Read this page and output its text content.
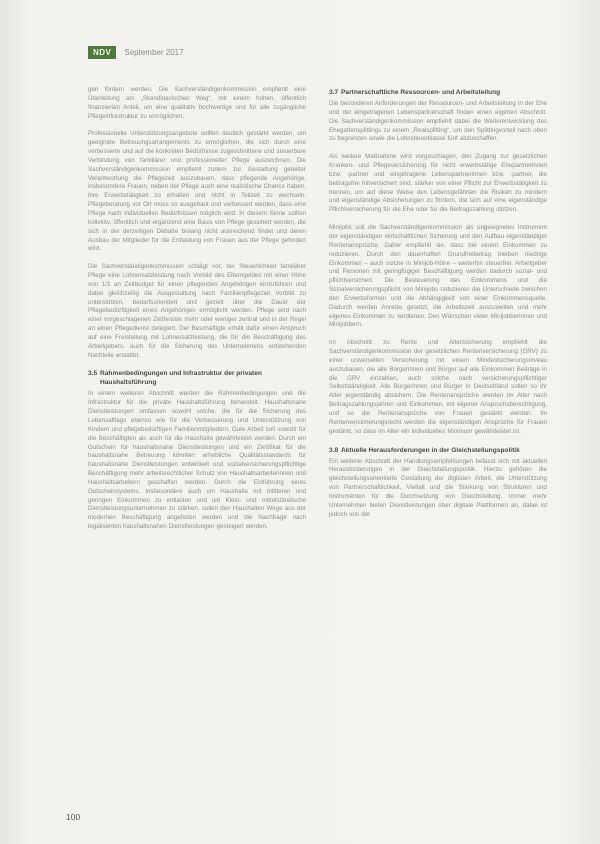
NDV	September 2017

gen fördern werden. Die Sachverständigenkommission empfiehlt eine Überleitung am „Skandinavischen Weg“, mit einem hohen, öffentlich finanzierten Anteil, um eine qualitativ hochwertige und für alle zugängliche Pflegeinfrastruktur zu ermöglichen.

Professionelle Unterstützungsangebote sollten deutlich gestärkt werden, um geeignete Betreuungsarrangements zu ermöglichen, die sich durch eine verbesserte und auf die konkreten Bedürfnisse zugeschnittene und steuerbare Verbindung von familiärer und professioneller Pflege auszeichnen. Die Sachverständigenkommission empfiehlt zudem zur Gestaltung geteilter Verantwortung die Pflegezeit auszubauen, dass pflegende Angehörige, insbesondere Frauen, neben der Pflege auch eine realistische Chance haben, ihre Erwerbstätigkeit zu erhalten und nicht in Teilzeit zu wechseln. Pflegeberatung vor Ort muss so ausgebaut und verbessert werden, dass eine Pflege nach individuellen Bedürfnissen möglich wird. In diesem Sinne sollten kollektiv, öffentlich und ergänzend eine Basis von Pflege gesichert werden, die sich in der derzeitigen Debatte bislang nicht ausreichend findet und deren Ausbau der Mitglieder für die Entlastung von Frauen aus der Pflege gefordert wird.

Die Sachverständigenkommission schlägt vor, bei Steuerlichkeit familiärer Pflege eine Lohnersatzleistung nach Vorbild des Elterngeldes mit einer Höhe von 1/3 an Zeitbudget für einen pflegenden Angehörigen einzuführen und dabei gleichzeitig die Ausgestaltung nach Familienpflegezeit Vorbild zu unterstützen, bedarfsorientiert und gezielt über die Dauer der Pflegebedürftigkeit eines Angehörigen ermöglicht werden. Pflege wird nach einer vorgeschlagenen Zeitfenster mehr oder weniger zentral und in der Regel an einen Pflegedienst delegiert. Der Beschäftigte erhält dafür einen Anspruch auf eine Freistellung mit Lohnersatzleistung, die für die Beschäftigung des Arbeitgebers, auch für die Sicherung des Unternehmens entstehenden Nachteile erstattet.

3.5 Rahmenbedingungen und Infrastruktur der privaten Haushaltsführung

In einem weiteren Abschnitt werden die Rahmenbedingungen und die Infrastruktur für die private Haushaltsführung behandelt. Haushaltsnahe Dienstleistungen umfassen sowohl solche, die für die Sicherung des Lebensalltags ebenso wie für die Verbesserung und Unterstützung von Kindern und pflegebedürftigen Familienmitgliedern. Gute Arbeit soll sowohl für die Beschäftigten als auch für die Haushalte gewährleistet werden. Durch ein Gutschein für haushaltsnahe Dienstleistungen und ein Zertifikat für die haushaltsnahe Betreuung könnten erhebliche Qualitätsstandards für haushaltsnahe Dienstleistungen entwickelt und sozialversicherungspflichtige Beschäftigung mehr arbeitsrechtlicher Schutz von Haushaltsarbeiterinnen und Haushaltsarbeitern geschaffen werden. Durch die Einführung eines Gutscheinsystems, insbesondere auch um Haushalte mit mittleren und geringen Einkommen zu entlasten und um Klein- und mittelständische Dienstleistungsunternehmen zu stärken, sollen den Haushalten Wege aus der modernen Beschäftigung angeboten werden und die Nachfrage nach legalisierten haushaltsnahen Dienstleistungen gesteigert werden.

3.7 Partnerschaftliche Ressourcen- und Arbeitsteilung

Die besonderen Anforderungen der Ressourcen- und Arbeitsteilung in der Ehe und der eingetragenen Lebenspartnerschaft finden einen eigenen Abschnitt. Die Sachverständigenkommission empfiehlt dabei die Weiterentwicklung des Ehegattensplittings zu einem „Realsplitting“, um den Splittingvorteil nach oben zu begrenzen sowie die Lohnsteuerklasse fünf abzuschaffen.

Als weitere Maßnahme wird vorgeschlagen, den Zugang zur gesetzlichen Kranken- und Pflegeversicherung für nicht erwerbstätige Ehepartnerinnen bzw. -partner und eingetragene Lebenspartnerinnen bzw. -partner, die beitragsfrei mitversichert sind, stärker von einer Pflicht zur Erwerbstätigkeit zu trennen, um auf diese Weise den Lebensgefährten die Risiken zu mindern und eigenständige Absicherungen zu fördern, die sich auf eine eigenständige Pflichtversicherung für die Ehe oder für die Beitragszahlung stützen.

Minijobs soll die Sachverständigenkommission als ungeeignetes Instrument der eigenständigen wirtschaftlichen Sicherung und den Aufbau eigenständiger Rentenansprüche. Daher empfiehlt sie, dass bei einem Einkommen zu reduzieren. Durch den dauerhaften Grundfreibetrag bleiben niedrige Einkommen – auch solche in Minijob-Höhe – weiterhin steuerfrei. Arbeitgeber und Personen mit geringfügiger Beschäftigung werden dadurch sozial- und pflichtversichert. Die Besteuerung des Einkommens und die Sozialversicherungspflicht von Minijobs reduzieren die Unterschiede zwischen den Erwerbsformen und die Abhängigkeit von einer Einkommensquelle. Dadurch werden Anreize gesetzt, die Arbeitszeit auszuweiten und mehr eigenes Einkommen zu verdienen. Den Wünschen vieler Minijobberinnen und Minijobbern.

Im Abschnitt zu Rente und Alterssicherung empfiehlt die Sachverständigenkommission der gesetzlichen Rentenversicherung (GRV) zu einer universellen Versicherung mit einem Mindestsicherungsniveau auszubauen, die alle Bürgerinnen und Bürger auf alle Einkommen Beiträge in die GRV einzahlen, auch solche nach versicherungspflichtiger Selbstständigkeit. Alle Bürgerinnen und Bürger in Deutschland sollen so ihr Alter eigenständig absichern. Die Rentenansprüche werden im Alter nach Beitragszahlungsjahren und Einkommen, mit eigener Anspruchsberechtigung, und so die Rentenansprüche von Frauen gestärkt werden. Im Rentenversicherungsrecht werden die eigenständigen Ansprüche für Frauen gestärkt, so dass im Alter ein individuelles Minimum gewährleistet ist.

3.8 Aktuelle Herausforderungen in der Gleichstellungspolitik

Ein weiterer Abschnitt der Handlungsempfehlungen befasst sich mit aktuellen Herausforderungen in der Gleichstellungspolitik. Hierzu gehören die gleichstellungsorientierte Gestaltung der digitalen Arbeit, die Unterstützung von Partnerschaftlichkeit, Vielfalt und die Stärkung von Strukturen und Instrumenten für die Durchsetzung von Gleichstellung. Immer mehr Unternehmen bieten Dienstleistungen über digitale Plattformen an, dabei ist jedoch von der

100
